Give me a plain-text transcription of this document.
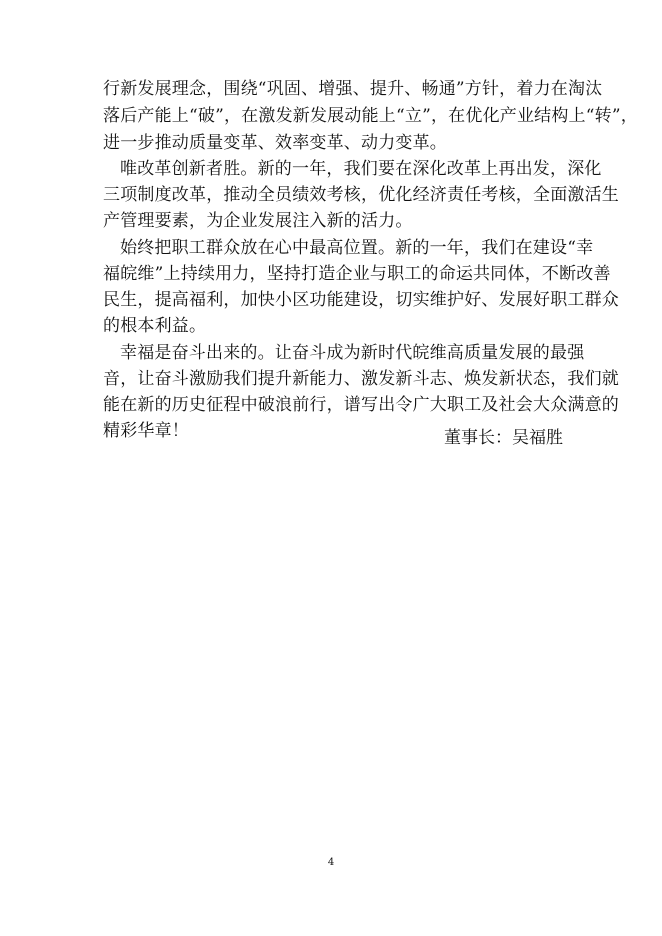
行新发展理念，围绕“巩固、增强、提升、畅通”方针，着力在淘汰
落后产能上“破”，在激发新发展动能上“立”，在优化产业结构上“转”，
进一步推动质量变革、效率变革、动力变革。
唯改革创新者胜。新的一年，我们要在深化改革上再出发，深化
三项制度改革，推动全员绩效考核，优化经济责任考核，全面激活生
产管理要素，为企业发展注入新的活力。
始终把职工群众放在心中最高位置。新的一年，我们在建设“幸
福皖维”上持续用力，坚持打造企业与职工的命运共同体，不断改善
民生，提高福利，加快小区功能建设，切实维护好、发展好职工群众
的根本利益。
幸福是奋斗出来的。让奋斗成为新时代皖维高质量发展的最强
音，让奋斗激励我们提升新能力、激发新斗志、焕发新状态，我们就
能在新的历史征程中破浪前行，谱写出令广大职工及社会大众满意的
精彩华章！	董事长：吴福胜
4
